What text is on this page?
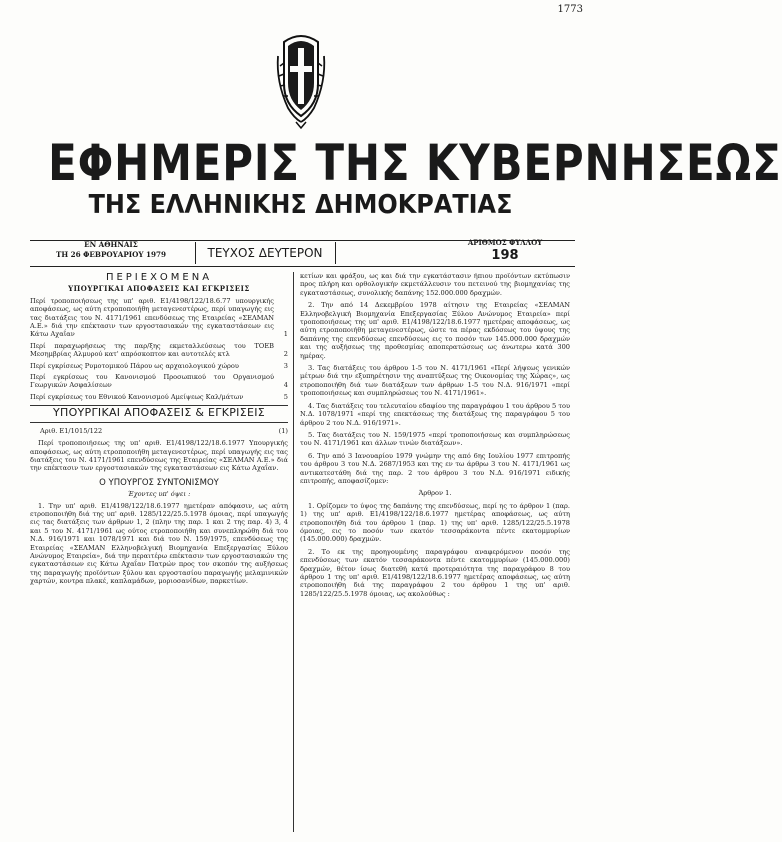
1773
ΕΦΗΜΕΡΙΣ ΤΗΣ ΚΥΒΕΡΝΗΣΕΩΣ
ΤΗΣ ΕΛΛΗΝΙΚΗΣ ΔΗΜΟΚΡΑΤΙΑΣ
ΕΝ ΑΘΗΝΑΙΣ
ΤΗ 26 ΦΕΒΡΟΥΑΡΙΟΥ 1979	ΤΕΥΧΟΣ ΔΕΥΤΕΡΟΝ
ΑΡΙΘΜΟΣ ΦΥΛΛΟΥ
198
ΠΕΡΙΕΧΟΜΕΝΑ
ΥΠΟΥΡΓΙΚΑΙ ΑΠΟΦΑΣΕΙΣ ΚΑΙ ΕΓΚΡΙΣΕΙΣ
Περί τροποποιήσεως της υπ' αριθ. Ε1/4198/122/18.6.77 υπουργικής αποφάσεως, ως αύτη ετροποποιήθη μεταγενεστέρως, περί υπαγωγής εις τας διατάξεις του Ν. 4171/1961 επενδύσεως της Εταιρείας «ΣΕΛΜΑΝ Α.Ε.» διά την επέκτασιν των εργοστασιακών της εγκαταστάσεων εις Κάτω Αχαΐαν	1
Περί παραχωρήσεως της παρ/ξης εκμεταλλεύσεως του ΤΟΕΒ Μεσημβρίας Αλμυρού κατ' απρόσκοπτον και αυτοτελές κτλ	2
Περί εγκρίσεως Ρυμοτομικού Πάρου ως αρχαιολογικού χώρου	3
Περί εγκρίσεως του Κανονισμού Προσωπικού του Οργανισμού Γεωργικών Ασφαλίσεων	4
Περί εγκρίσεως του Εθνικού Κανονισμού Αμείψεως Καλ/μάτων	5
ΥΠΟΥΡΓΙΚΑΙ ΑΠΟΦΑΣΕΙΣ & ΕΓΚΡΙΣΕΙΣ
Αριθ. Ε1/1015/122	(1)

Περί τροποποιήσεως της υπ' αριθ. Ε1/4198/122/18.6.1977 Υπουργικής αποφάσεως, ως αύτη ετροποποιήθη μεταγενεστέρως, περί υπαγωγής εις τας διατάξεις του Ν. 4171/1961 επενδύσεως της Εταιρείας «ΣΕΛΜΑΝ Α.Ε.» διά την επέκτασιν των εργοστασιακών της εγκαταστάσεων εις Κάτω Αχαΐαν.

Ο ΥΠΟΥΡΓΟΣ ΣΥΝΤΟΝΙΣΜΟΥ
Έχοντες υπ' όψει :

1. Την υπ' αριθ. Ε1/4198/122/18.6.1977 ημετέραν απόφασιν, ως αύτη ετροποποιήθη διά της υπ' αριθ. 1285/122/25.5.1978 όμοιας, περί υπαγωγής εις τας διατάξεις των άρθρων 1, 2 (πλην της παρ. 1 και 2 της παρ. 4) 3, 4 και 5 του Ν. 4171/1961 ως ούτος ετροποποιήθη και συνεπληρώθη διά του Ν.Δ. 916/1971 και 1078/1971 και διά του Ν. 159/1975, επενδύσεως της Εταιρείας «ΣΕΛΜΑΝ Ελληνοβελγική Βιομηχανία Επεξεργασίας Ξύλου Ανώνυμος Εταιρεία», διά την περαιτέρω επέκτασιν των εργοστασιακών της εγκαταστάσεων εις Κάτω Αχαΐαν Πατρών προς τον σκοπόν της αυξήσεως της παραγωγής προϊόντων ξύλου και εργοστασίου παραγωγής μελαμινικών χαρτών, κοντρα πλακέ, καπλαμάδων, μοριοσανίδων, παρκετίων.

κετίων και φράξου, ως και διά την εγκατάστασιν ήπιου προϊόντων εκτύπωσιν προς πλήρη και ορθολογικήν εκμετάλλευσιν του πετεινού της βιομηχανίας της εγκαταστάσεως, συνολικής δαπάνης 152.000.000 δραχμών.

2. Την από 14 Δεκεμβρίου 1978 αίτησιν της Εταιρείας «ΣΕΛΜΑΝ Ελληνοβελγική Βιομηχανία Επεξεργασίας Ξύλου Ανώνυμος Εταιρεία» περί τροποποιήσεως της υπ' αριθ. Ε1/4198/122/18.6.1977 ημετέρας αποφάσεως, ως αύτη ετροποποιήθη μεταγενεστέρως, ώστε τα πέρας εκδόσεως του ύψους της δαπάνης της επενδύσεως επενδύσεως εις το ποσόν των 145.000.000 δραχμών και της αυξήσεως της προθεσμίας αποπερατώσεως ως άνωτερω κατά 300 ημέρας.

3. Τας διατάξεις του άρθρου 1-5 του Ν. 4171/1961 «Περί λήψεως γενικών μέτρων διά την εξυπηρέτησιν της αναπτύξεως της Οικονομίας της Χώρας», ως ετροποποιήθη διά των διατάξεων των άρθρων 1-5 του Ν.Δ. 916/1971 «περί τροποποιήσεως και συμπληρώσεως του Ν. 4171/1961».

4. Τας διατάξεις του τελευταίου εδαφίου της παραγράφου 1 του άρθρου 5 του Ν.Δ. 1078/1971 «περί της επεκτάσεως της διατάξεως της παραγράφου 5 του άρθρου 2 του Ν.Δ. 916/1971».

5. Τας διατάξεις του Ν. 159/1975 «περί τροποποιήσεως και συμπληρώσεως του Ν. 4171/1961 και άλλων τινών διατάξεων».

6. Την από 3 Ιανουαρίου 1979 γνώμην της από 6ης Ιουλίου 1977 επιτροπής του άρθρου 3 του Ν.Δ. 2687/1953 και της εν τω άρθρω 3 του Ν. 4171/1961 ως αντικατεστάθη διά της παρ. 2 του άρθρου 3 του Ν.Δ. 916/1971 ειδικής επιτροπής, αποφασίζομεν:

Άρθρον 1.

1. Ορίζομεν το ύψος της δαπάνης της επενδύσεως, περί ης το άρθρον 1 (παρ. 1) της υπ' αριθ. Ε1/4198/122/18.6.1977 ημετέρας αποφάσεως, ως αύτη ετροποποιήθη διά του άρθρου 1 (παρ. 1) της υπ' αριθ. 1285/122/25.5.1978 όμοιας, εις το ποσόν των εκατόν τεσσαράκοντα πέντε εκατομμυρίων (145.000.000) δραχμών.

2. Το εκ της προηγουμένης παραγράφου αναφερόμενον ποσόν της επενδύσεως των εκατόν τεσσαράκοντα πέντε εκατομμυρίων (145.000.000) δραχμών, θέτον ίσως διατεθή κατά προτεραιότητα της παραγράφου 8 του άρθρου 1 της υπ' αριθ. Ε1/4198/122/18.6.1977 ημετέρας αποφάσεως, ως αύτη ετροποποιήθη διά της παραγράφου 2 του άρθρου 1 της υπ' αριθ. 1285/122/25.5.1978 όμοιας, ως ακολούθως :
